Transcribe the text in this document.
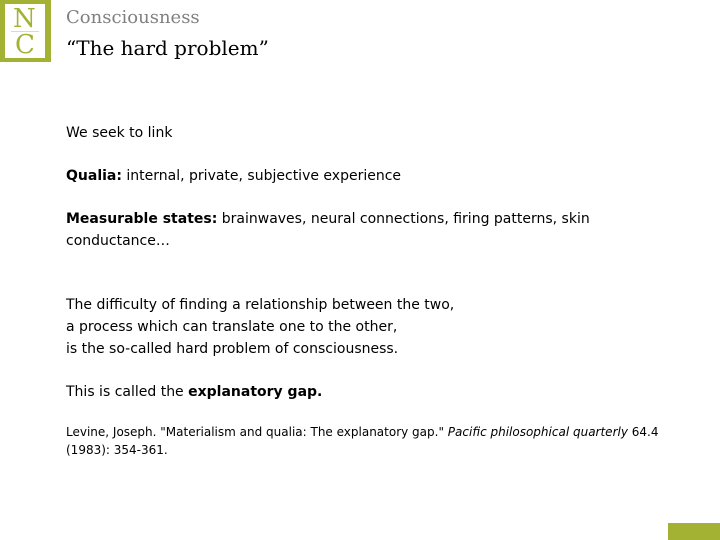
N
C
Consciousness
“The hard problem”
We seek to link
Qualia: internal, private, subjective experience
Measurable states: brainwaves, neural connections, firing patterns, skin conductance…
The difficulty of finding a relationship between the two,
a process which can translate one to the other,
is the so-called hard problem of consciousness.
This is called the explanatory gap.
Levine, Joseph. "Materialism and qualia: The explanatory gap." Pacific philosophical quarterly 64.4 (1983): 354-361.
